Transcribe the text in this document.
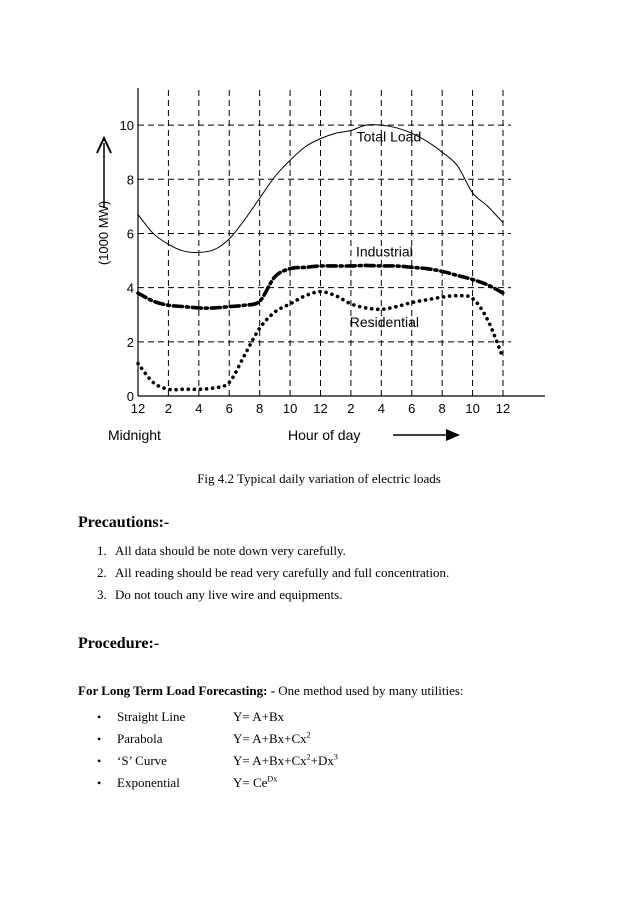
0
2
4
6
8
10
12 2 4 6 8 10 12 2 4 6 8 10 12
(1000 MW)
Midnight	Hour of day
Total Load
Industrial
Residential
Fig 4.2 Typical daily variation of electric loads
Precautions:-
1. All data should be note down very carefully.
2. All reading should be read very carefully and full concentration.
3. Do not touch any live wire and equipments.
Procedure:-
For Long Term Load Forecasting: - One method used by many utilities:
• Straight Line	Y= A+Bx
• Parabola	$Y= A+Bx+Cx^2$
• ‘S’ Curve	$Y= A+Bx+Cx^2+Dx^3$
• Exponential	$Y= Ce^{Dx}$
